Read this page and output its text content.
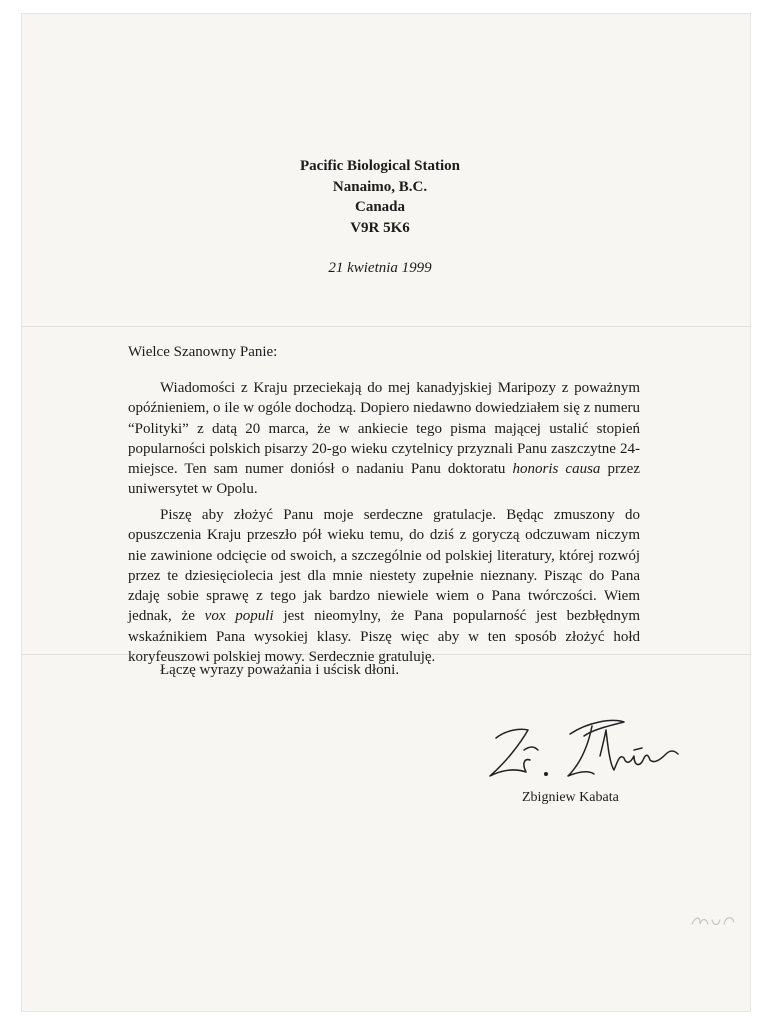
Pacific Biological Station
Nanaimo, B.C.
Canada
V9R 5K6
21 kwietnia 1999
Wielce Szanowny Panie:

Wiadomości z Kraju przeciekają do mej kanadyjskiej Maripozy z poważnym opóźnieniem, o ile w ogóle dochodzą. Dopiero niedawno dowiedziałem się z numeru “Polityki” z datą 20 marca, że w ankiecie tego pisma mającej ustalić stopień popularności polskich pisarzy 20-go wieku czytelnicy przyznali Panu zaszczytne 24-miejsce. Ten sam numer doniósł o nadaniu Panu doktoratu honoris causa przez uniwersytet w Opolu.

Piszę aby złożyć Panu moje serdeczne gratulacje. Będąc zmuszony do opuszczenia Kraju przeszło pół wieku temu, do dziś z goryczą odczuwam niczym nie zawinione odcięcie od swoich, a szczególnie od polskiej literatury, której rozwój przez te dziesięciolecia jest dla mnie niestety zupełnie nieznany. Pisząc do Pana zdaję sobie sprawę z tego jak bardzo niewiele wiem o Pana twórczości. Wiem jednak, że vox populi jest nieomylny, że Pana popularność jest bezbłędnym wskaźnikiem Pana wysokiej klasy. Piszę więc aby w ten sposób złożyć hołd koryfeuszowi polskiej mowy. Serdecznie gratuluję.

Łączę wyrazy poważania i uścisk dłoni.

Zbigniew Kabata
